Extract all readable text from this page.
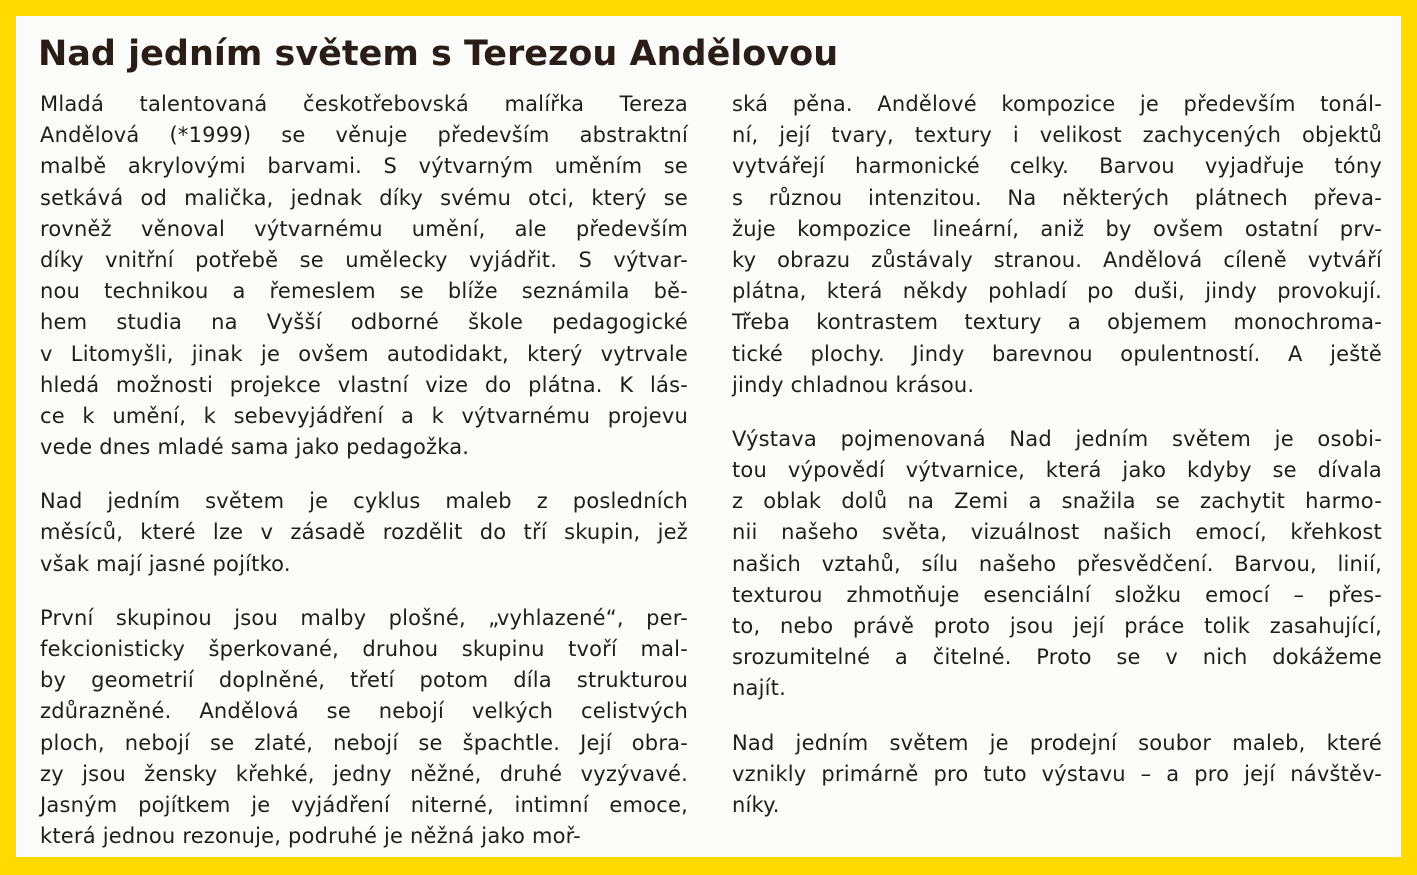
Nad jedním světem s Terezou Andělovou
Mladá talentovaná českotřebovská malířka Tereza
Andělová (*1999) se věnuje především abstraktní
malbě akrylovými barvami. S výtvarným uměním se
setkává od malička, jednak díky svému otci, který se
rovněž věnoval výtvarnému umění, ale především
díky vnitřní potřebě se umělecky vyjádřit. S výtvar-
nou technikou a řemeslem se blíže seznámila bě-
hem studia na Vyšší odborné škole pedagogické
v Litomyšli, jinak je ovšem autodidakt, který vytrvale
hledá možnosti projekce vlastní vize do plátna. K lás-
ce k umění, k sebevyjádření a k výtvarnému projevu
vede dnes mladé sama jako pedagožka.
Nad jedním světem je cyklus maleb z posledních
měsíců, které lze v zásadě rozdělit do tří skupin, jež
však mají jasné pojítko.
První skupinou jsou malby plošné, „vyhlazené“, per-
fekcionisticky šperkované, druhou skupinu tvoří mal-
by geometrií doplněné, třetí potom díla strukturou
zdůrazněné. Andělová se nebojí velkých celistvých
ploch, nebojí se zlaté, nebojí se špachtle. Její obra-
zy jsou žensky křehké, jedny něžné, druhé vyzývavé.
Jasným pojítkem je vyjádření niterné, intimní emoce,
která jednou rezonuje, podruhé je něžná jako moř-
ská pěna. Andělové kompozice je především tonál-
ní, její tvary, textury i velikost zachycených objektů
vytvářejí harmonické celky. Barvou vyjadřuje tóny
s různou intenzitou. Na některých plátnech převa-
žuje kompozice lineární, aniž by ovšem ostatní prv-
ky obrazu zůstávaly stranou. Andělová cíleně vytváří
plátna, která někdy pohladí po duši, jindy provokují.
Třeba kontrastem textury a objemem monochroma-
tické plochy. Jindy barevnou opulentností. A ještě
jindy chladnou krásou.
Výstava pojmenovaná Nad jedním světem je osobi-
tou výpovědí výtvarnice, která jako kdyby se dívala
z oblak dolů na Zemi a snažila se zachytit harmo-
nii našeho světa, vizuálnost našich emocí, křehkost
našich vztahů, sílu našeho přesvědčení. Barvou, linií,
texturou zhmotňuje esenciální složku emocí – přes-
to, nebo právě proto jsou její práce tolik zasahující,
srozumitelné a čitelné. Proto se v nich dokážeme
najít.
Nad jedním světem je prodejní soubor maleb, které
vznikly primárně pro tuto výstavu – a pro její návštěv-
níky.
